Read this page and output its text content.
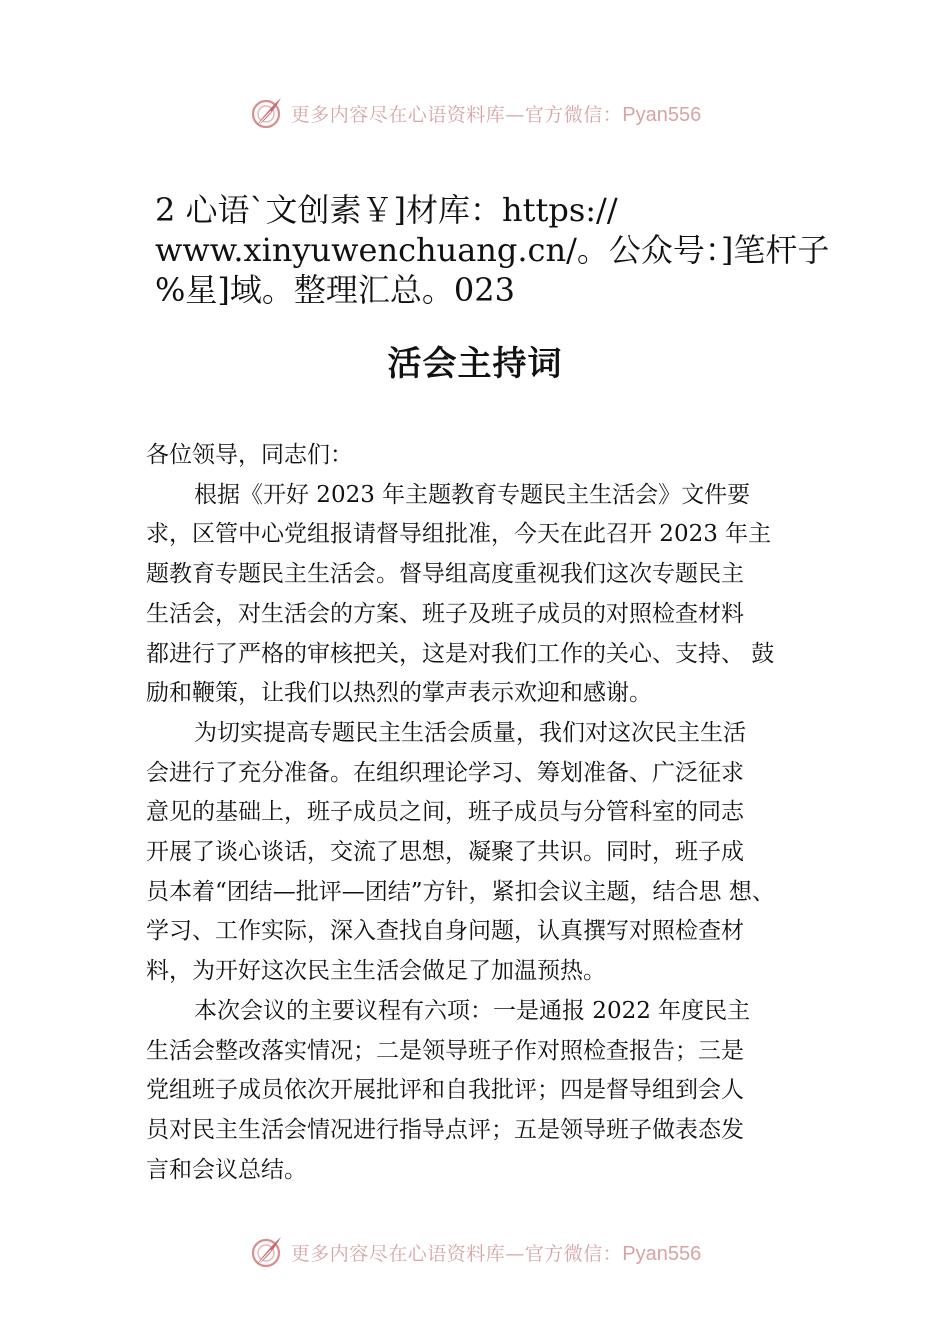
更多内容尽在心语资料库—官方微信：Pyan556
2 心语`文创素￥]材库：https://
www.xinyuwenchuang.cn/。公众号：]笔杆子
%星]域。整理汇总。023
活会主持词
各位领导，同志们：
根据《开好 2023 年主题教育专题民主生活会》文件要
求，区管中心党组报请督导组批准，今天在此召开 2023 年主
题教育专题民主生活会。督导组高度重视我们这次专题民主
生活会，对生活会的方案、班子及班子成员的对照检查材料
都进行了严格的审核把关，这是对我们工作的关心、支持、 鼓
励和鞭策，让我们以热烈的掌声表示欢迎和感谢。
为切实提高专题民主生活会质量，我们对这次民主生活
会进行了充分准备。在组织理论学习、筹划准备、广泛征求
意见的基础上，班子成员之间，班子成员与分管科室的同志
开展了谈心谈话，交流了思想，凝聚了共识。同时，班子成
员本着“团结—批评—团结”方针，紧扣会议主题，结合思 想、
学习、工作实际，深入查找自身问题，认真撰写对照检查材
料，为开好这次民主生活会做足了加温预热。
本次会议的主要议程有六项：一是通报 2022 年度民主
生活会整改落实情况；二是领导班子作对照检查报告；三是
党组班子成员依次开展批评和自我批评；四是督导组到会人
员对民主生活会情况进行指导点评；五是领导班子做表态发
言和会议总结。
更多内容尽在心语资料库—官方微信：Pyan556
